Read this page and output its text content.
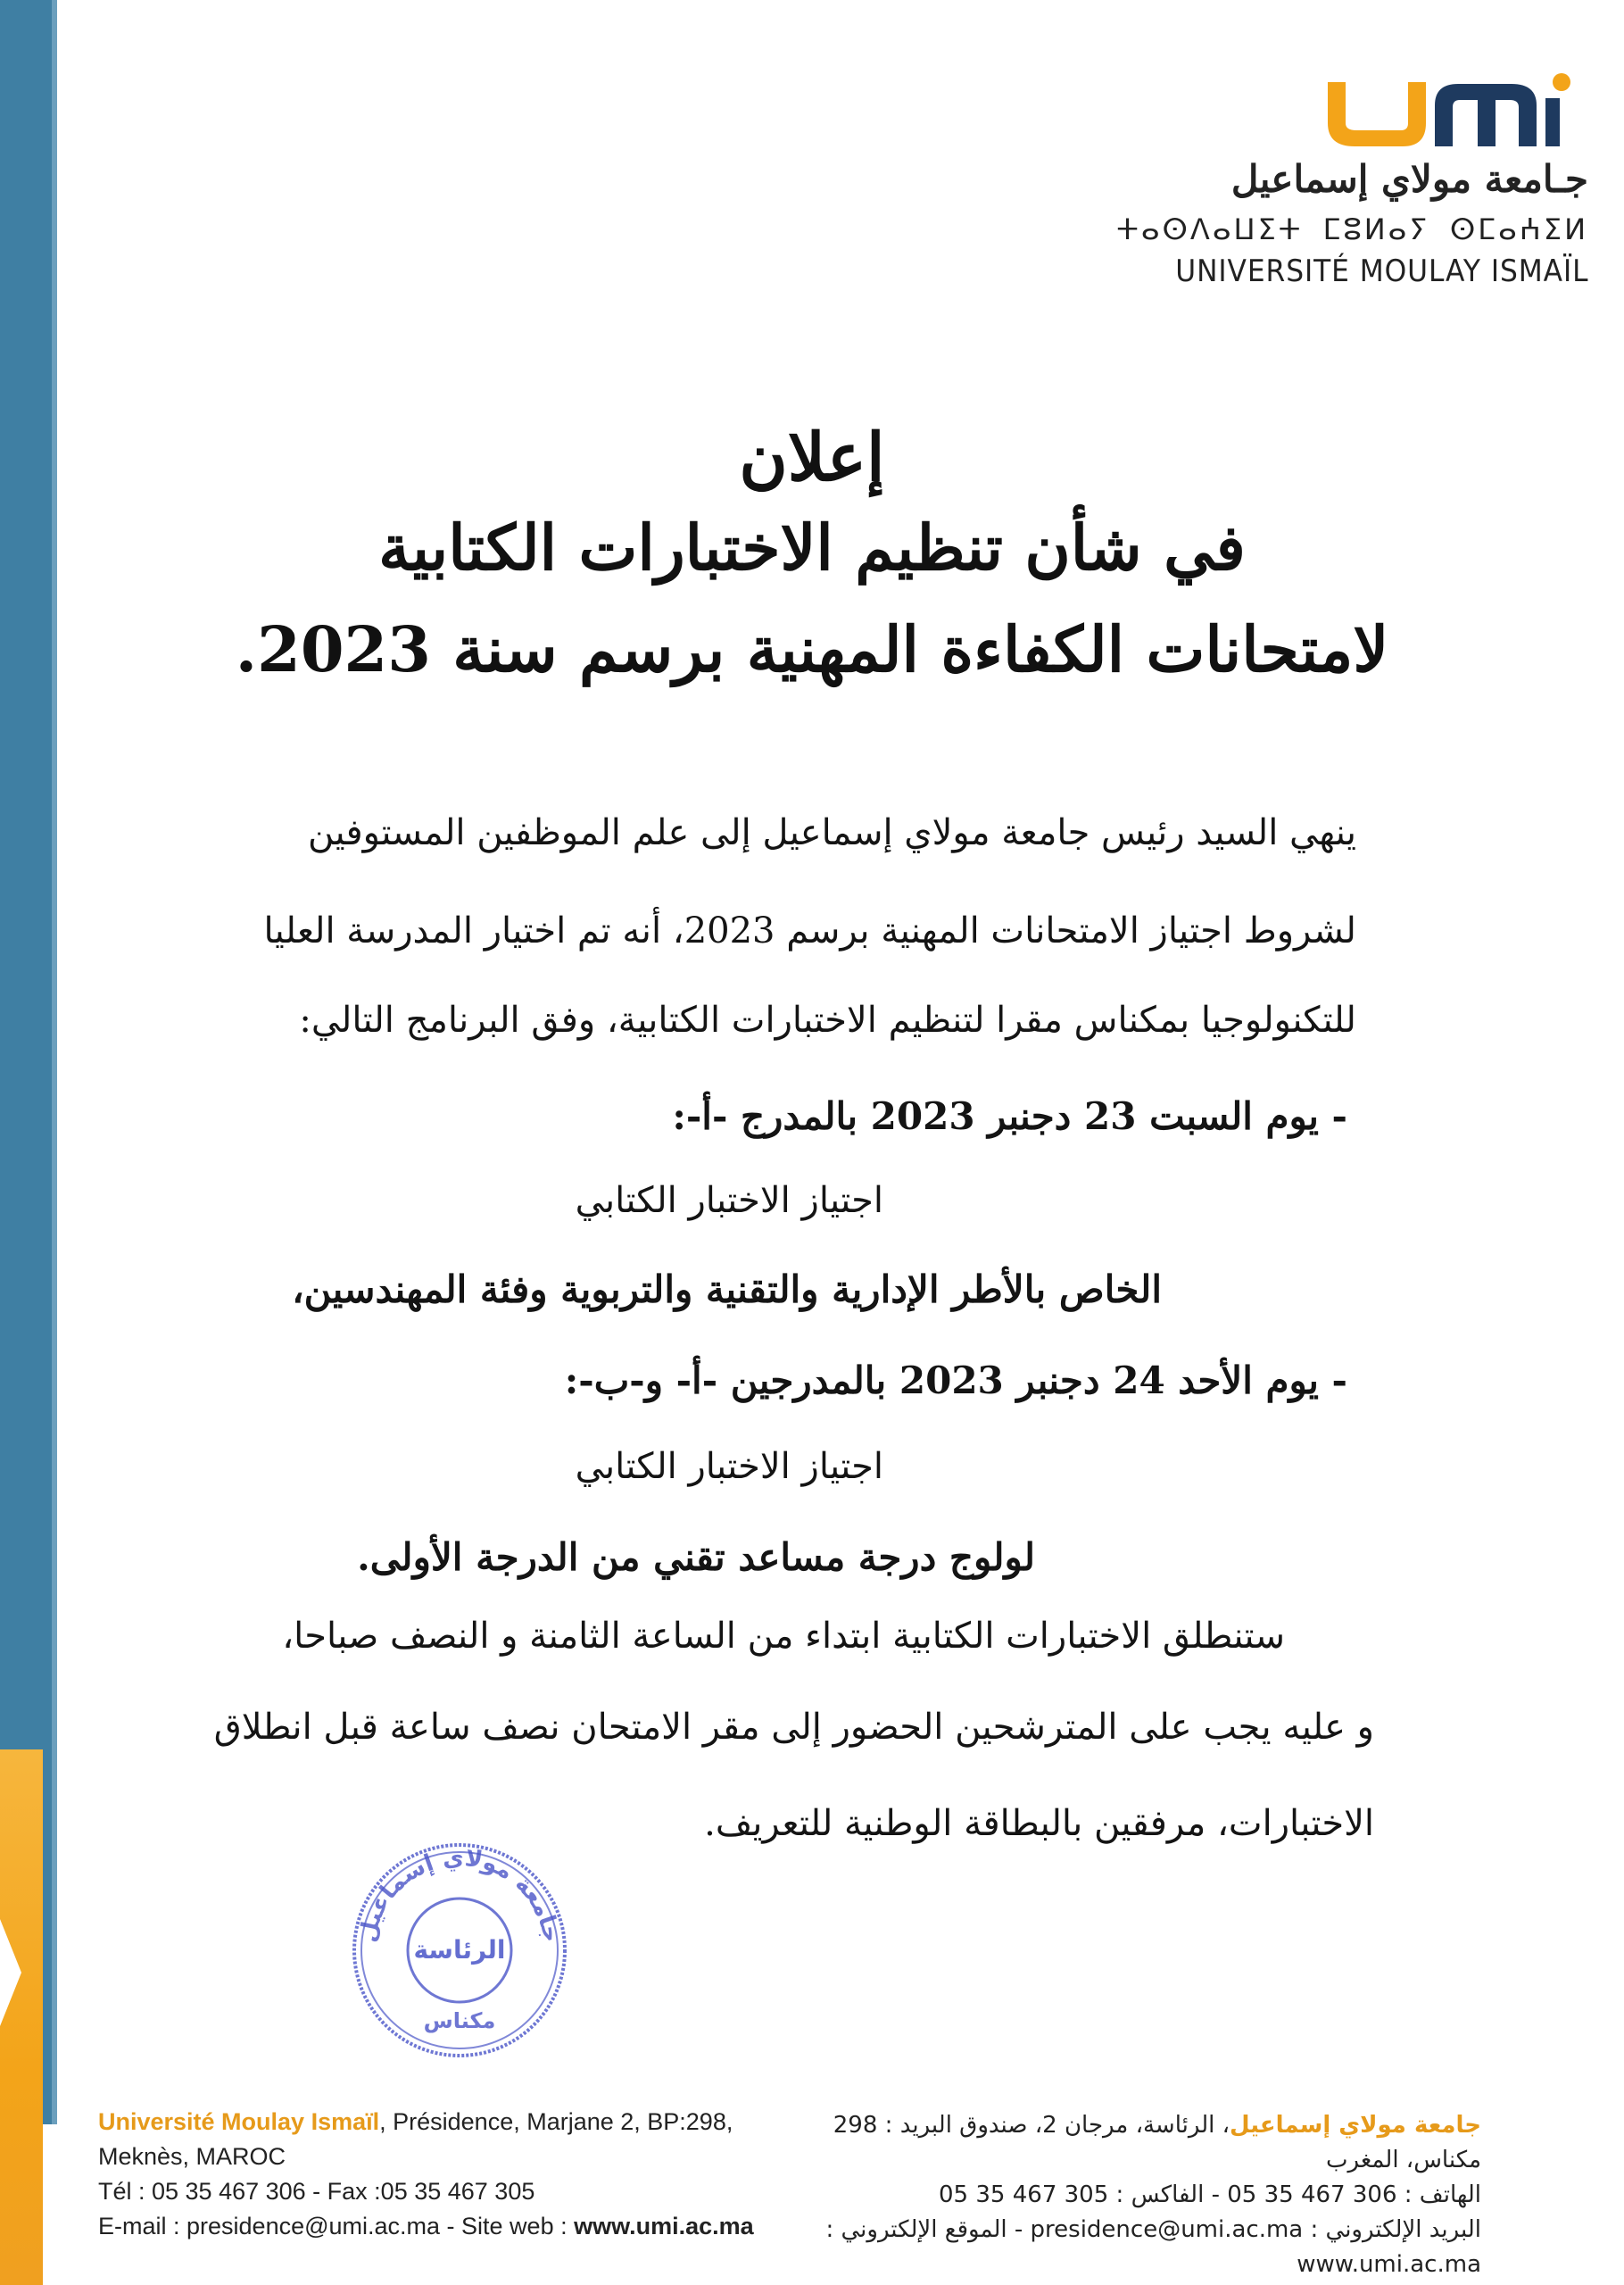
جـامعة مولاي إسماعيل
ⵜⴰⵙⴷⴰⵡⵉⵜ ⵎⵓⵍⴰⵢ ⵙⵎⴰⵄⵉⵍ
UNIVERSITÉ MOULAY ISMAÏL
إعلان
في شأن تنظيم الاختبارات الكتابية
لامتحانات الكفاءة المهنية برسم سنة 2023.
ينهي السيد رئيس جامعة مولاي إسماعيل إلى علم الموظفين المستوفين
لشروط اجتياز الامتحانات المهنية برسم 2023، أنه تم اختيار المدرسة العليا
للتكنولوجيا بمكناس مقرا لتنظيم الاختبارات الكتابية، وفق البرنامج التالي:
- يوم السبت 23 دجنبر 2023 بالمدرج -أ-:
اجتياز الاختبار الكتابي
الخاص بالأطر الإدارية والتقنية والتربوية وفئة المهندسين،
- يوم الأحد 24 دجنبر 2023 بالمدرجين -أ- و-ب-:
اجتياز الاختبار الكتابي
لولوج درجة مساعد تقني من الدرجة الأولى.
ستنطلق الاختبارات الكتابية ابتداء من الساعة الثامنة و النصف صباحا،
و عليه يجب على المترشحين الحضور إلى مقر الامتحان نصف ساعة قبل انطلاق
الاختبارات، مرفقين بالبطاقة الوطنية للتعريف.
جامعة مولاي إسماعيل
الرئاسة
مكناس
Université Moulay Ismaïl, Présidence, Marjane 2, BP:298,
Meknès, MAROC
Tél : 05 35 467 306 - Fax :05 35 467 305
E-mail : presidence@umi.ac.ma - Site web : www.umi.ac.ma
جامعة مولاي إسماعيل، الرئاسة، مرجان 2، صندوق البريد : 298
مكناس، المغرب
الهاتف : 306 467 35 05 - الفاكس : 305 467 35 05
البريد الإلكتروني : presidence@umi.ac.ma - الموقع الإلكتروني : www.umi.ac.ma
